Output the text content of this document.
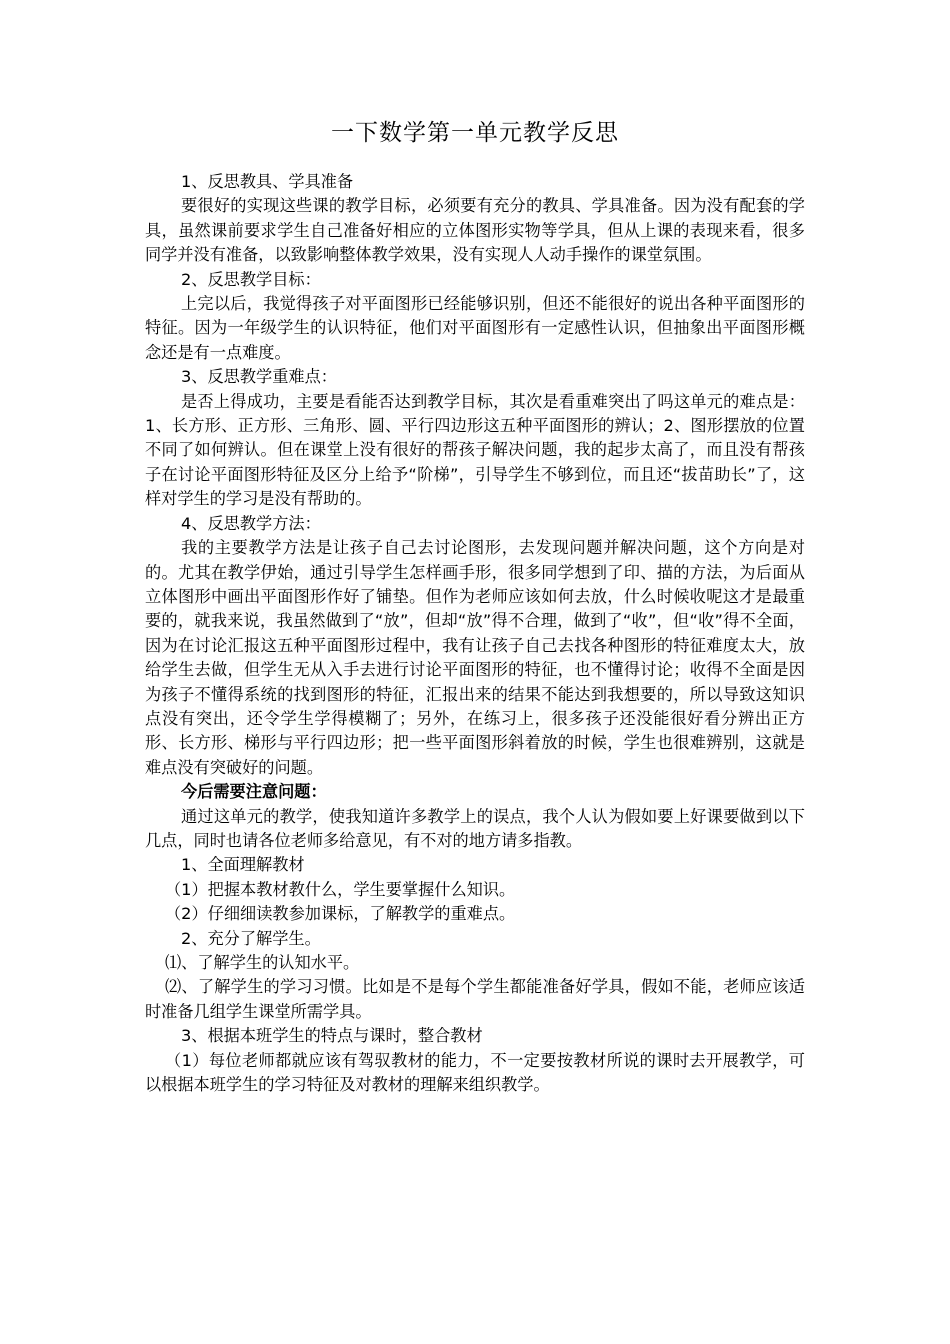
一下数学第一单元教学反思

1、反思教具、学具准备

要很好的实现这些课的教学目标，必须要有充分的教具、学具准备。因为没有配套的学具，虽然课前要求学生自己准备好相应的立体图形实物等学具，但从上课的表现来看，很多同学并没有准备，以致影响整体教学效果，没有实现人人动手操作的课堂氛围。

2、反思教学目标：

上完以后，我觉得孩子对平面图形已经能够识别，但还不能很好的说出各种平面图形的特征。因为一年级学生的认识特征，他们对平面图形有一定感性认识，但抽象出平面图形概念还是有一点难度。

3、反思教学重难点：

是否上得成功，主要是看能否达到教学目标，其次是看重难突出了吗这单元的难点是：1、长方形、正方形、三角形、圆、平行四边形这五种平面图形的辨认；2、图形摆放的位置不同了如何辨认。但在课堂上没有很好的帮孩子解决问题，我的起步太高了，而且没有帮孩子在讨论平面图形特征及区分上给予“阶梯”，引导学生不够到位，而且还“拔苗助长”了，这样对学生的学习是没有帮助的。

4、反思教学方法：

我的主要教学方法是让孩子自己去讨论图形，去发现问题并解决问题，这个方向是对的。尤其在教学伊始，通过引导学生怎样画手形，很多同学想到了印、描的方法，为后面从立体图形中画出平面图形作好了铺垫。但作为老师应该如何去放，什么时候收呢这才是最重要的，就我来说，我虽然做到了“放”，但却“放”得不合理，做到了“收”，但“收”得不全面，因为在讨论汇报这五种平面图形过程中，我有让孩子自己去找各种图形的特征难度太大，放给学生去做，但学生无从入手去进行讨论平面图形的特征，也不懂得讨论；收得不全面是因为孩子不懂得系统的找到图形的特征，汇报出来的结果不能达到我想要的，所以导致这知识点没有突出，还令学生学得模糊了；另外，在练习上，很多孩子还没能很好看分辨出正方形、长方形、梯形与平行四边形；把一些平面图形斜着放的时候，学生也很难辨别，这就是难点没有突破好的问题。

今后需要注意问题：

通过这单元的教学，使我知道许多教学上的误点，我个人认为假如要上好课要做到以下几点，同时也请各位老师多给意见，有不对的地方请多指教。

1、全面理解教材

（1）把握本教材教什么，学生要掌握什么知识。

（2）仔细细读教参加课标，了解教学的重难点。

2、充分了解学生。

⑴、了解学生的认知水平。

⑵、了解学生的学习习惯。比如是不是每个学生都能准备好学具，假如不能，老师应该适时准备几组学生课堂所需学具。

3、根据本班学生的特点与课时，整合教材

（1）每位老师都就应该有驾驭教材的能力，不一定要按教材所说的课时去开展教学，可以根据本班学生的学习特征及对教材的理解来组织教学。
